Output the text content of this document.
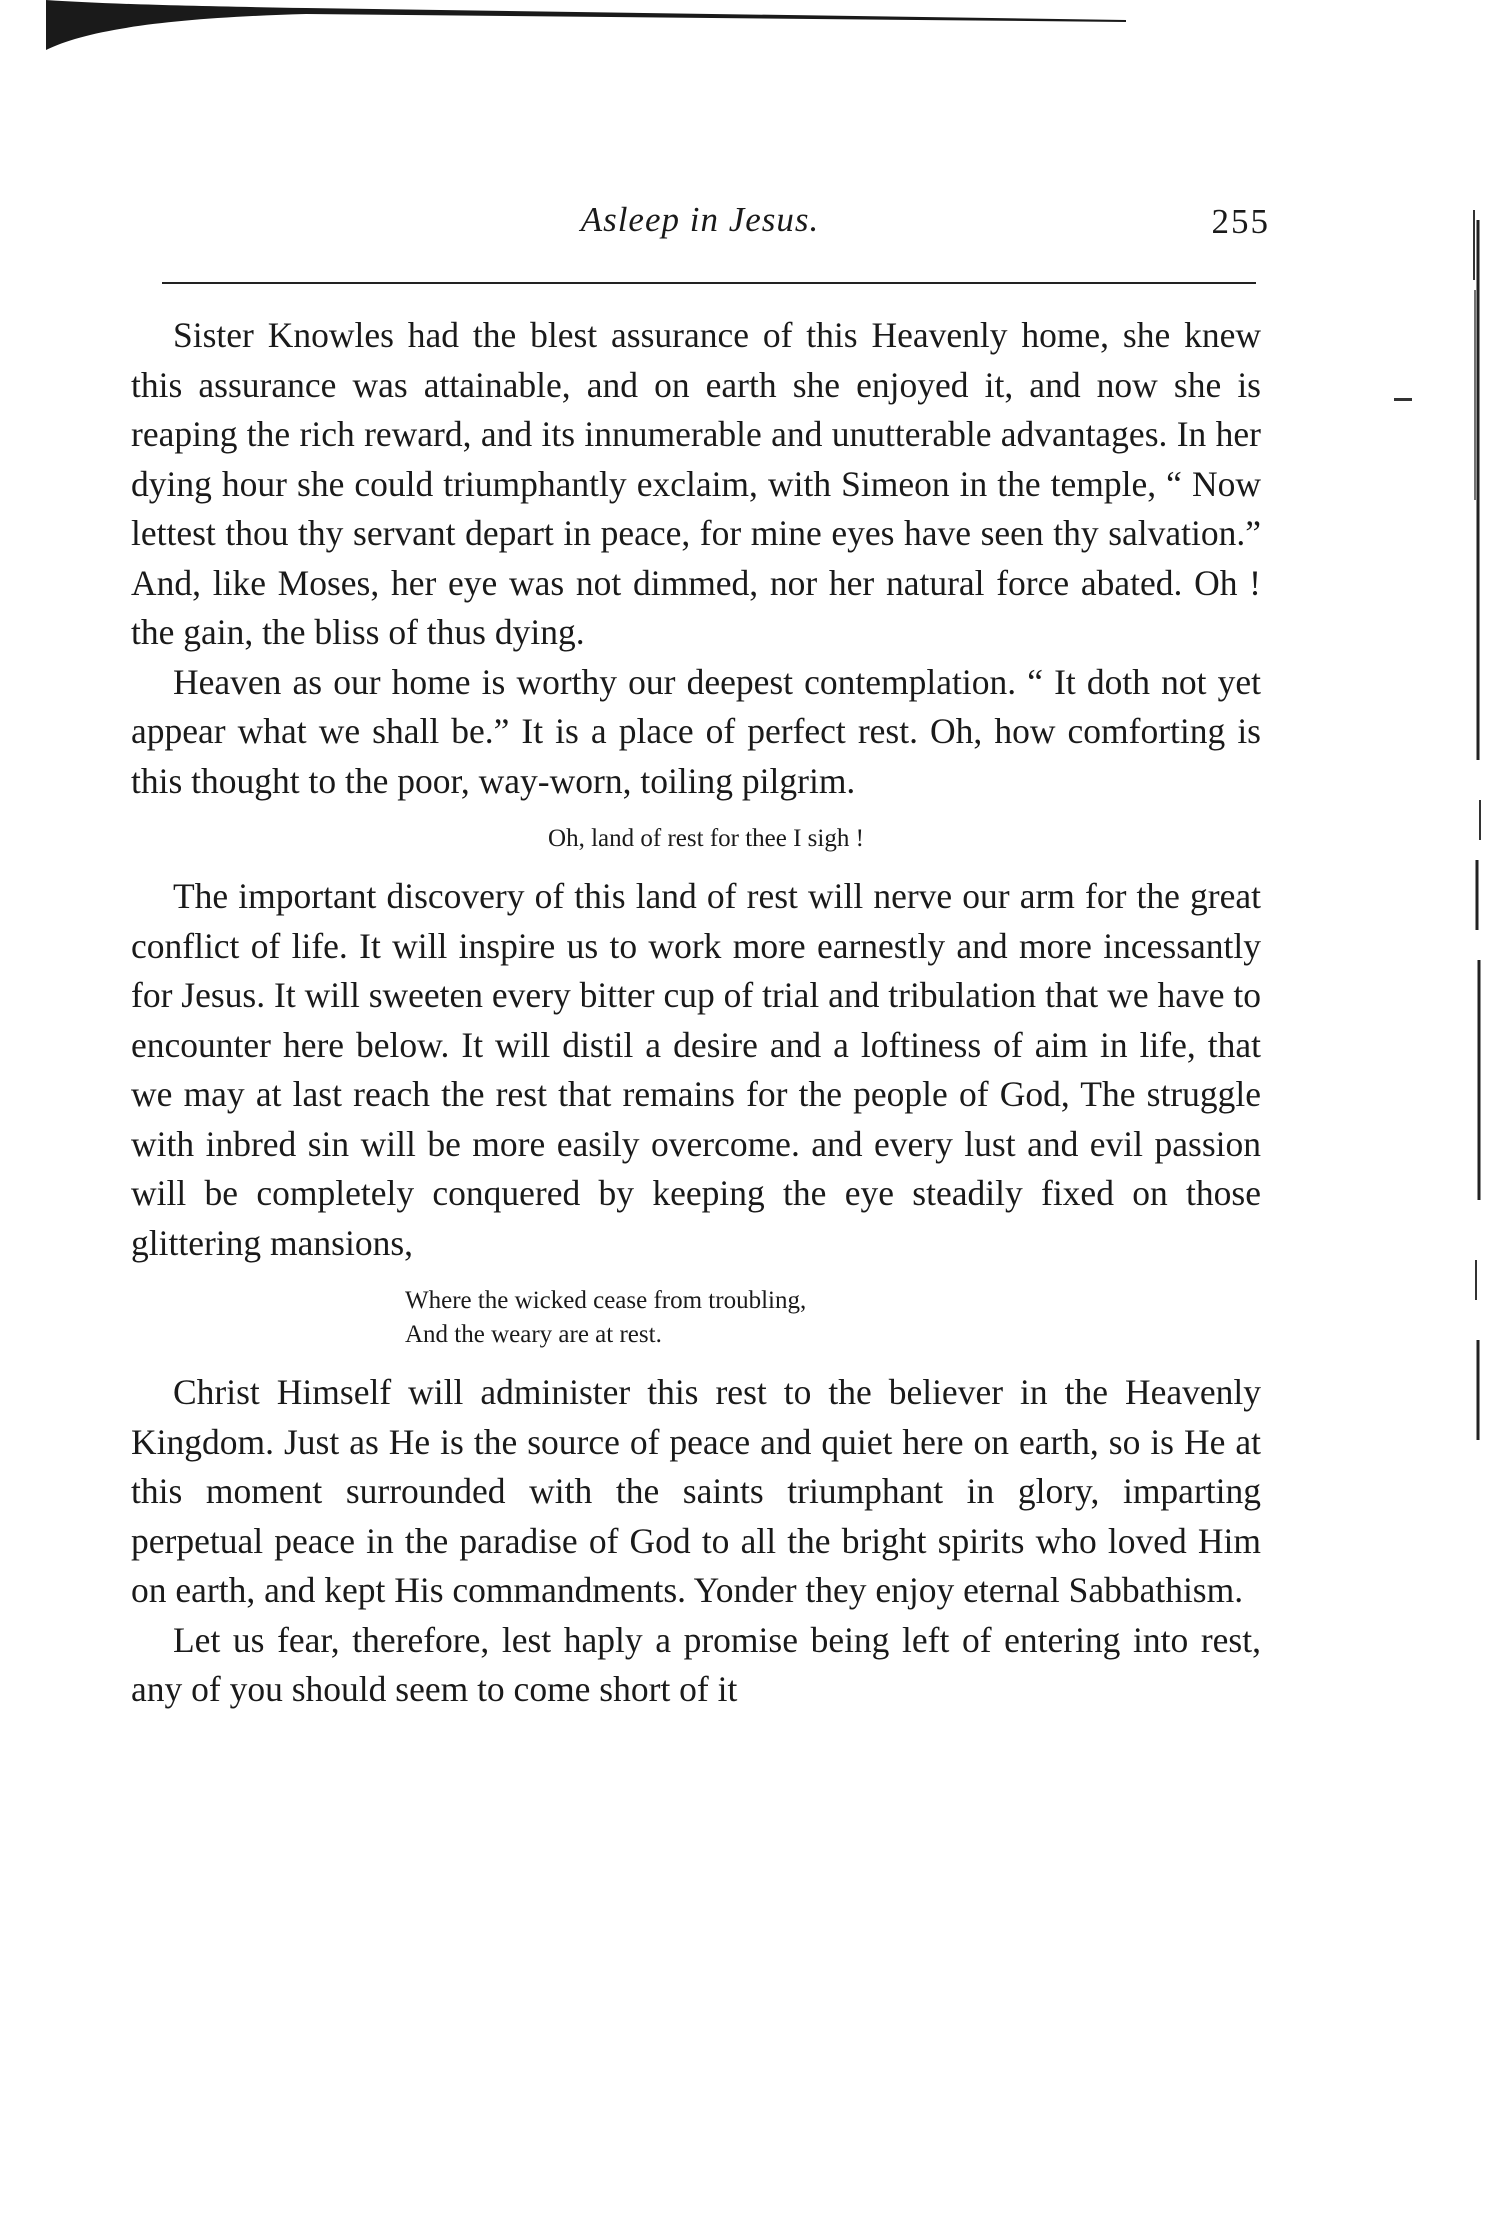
Asleep in Jesus.	255

Sister Knowles had the blest assurance of this Heavenly home, she knew this assurance was attainable, and on earth she enjoyed it, and now she is reaping the rich reward, and its innumerable and unutterable advantages. In her dying hour she could triumphantly exclaim, with Simeon in the temple, “ Now lettest thou thy servant depart in peace, for mine eyes have seen thy salvation.” And, like Moses, her eye was not dimmed, nor her natural force abated. Oh ! the gain, the bliss of thus dying.

Heaven as our home is worthy our deepest contemplation. “ It doth not yet appear what we shall be.” It is a place of perfect rest. Oh, how comforting is this thought to the poor, way-worn, toiling pilgrim.

Oh, land of rest for thee I sigh !

The important discovery of this land of rest will nerve our arm for the great conflict of life. It will inspire us to work more earnestly and more incessantly for Jesus. It will sweeten every bitter cup of trial and tribulation that we have to encounter here below. It will distil a desire and a loftiness of aim in life, that we may at last reach the rest that remains for the people of God, The struggle with inbred sin will be more easily overcome. and every lust and evil passion will be completely conquered by keeping the eye steadily fixed on those glittering mansions,

Where the wicked cease from troubling,
And the weary are at rest.

Christ Himself will administer this rest to the believer in the Heavenly Kingdom. Just as He is the source of peace and quiet here on earth, so is He at this moment surrounded with the saints triumphant in glory, imparting perpetual peace in the paradise of God to all the bright spirits who loved Him on earth, and kept His commandments. Yonder they enjoy eternal Sabbathism.

Let us fear, therefore, lest haply a promise being left of entering into rest, any of you should seem to come short of it
